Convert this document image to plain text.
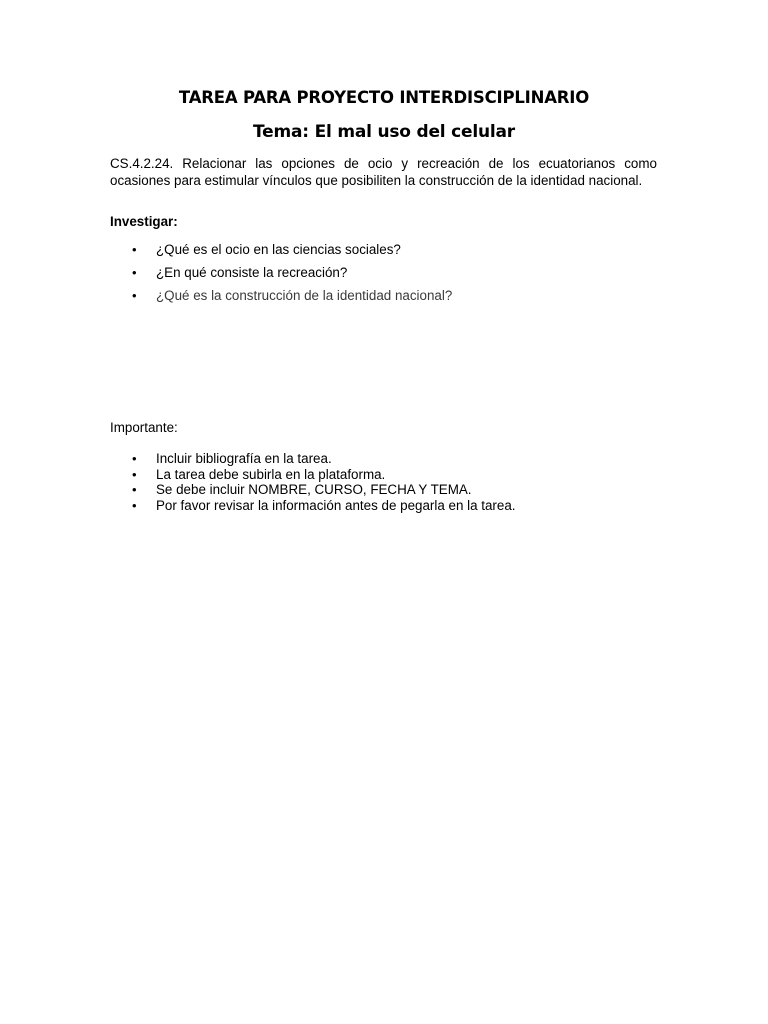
TAREA PARA PROYECTO INTERDISCIPLINARIO
Tema: El mal uso del celular

CS.4.2.24. Relacionar las opciones de ocio y recreación de los ecuatorianos como ocasiones para estimular vínculos que posibiliten la construcción de la identidad nacional.

Investigar:

• ¿Qué es el ocio en las ciencias sociales?
• ¿En qué consiste la recreación?
• ¿Qué es la construcción de la identidad nacional?

Importante:

• Incluir bibliografía en la tarea.
• La tarea debe subirla en la plataforma.
• Se debe incluir NOMBRE, CURSO, FECHA Y TEMA.
• Por favor revisar la información antes de pegarla en la tarea.
